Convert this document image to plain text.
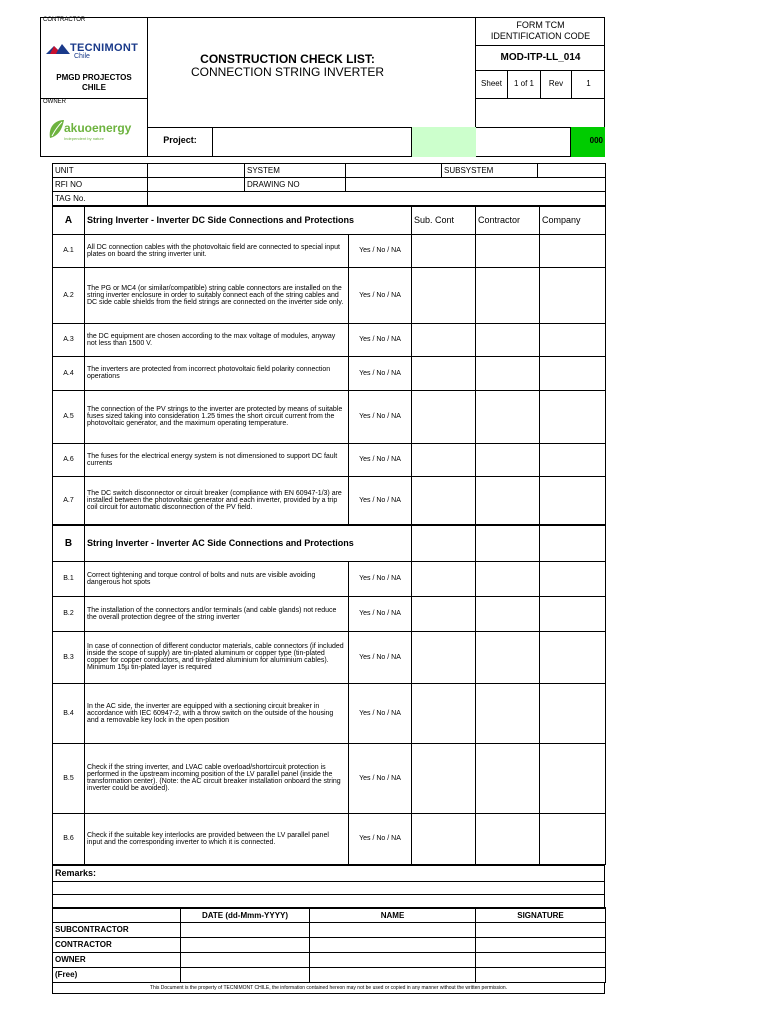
CONTRACTOR
TECNIMONT
Chile
PMGD PROJECTOS CHILE
OWNER
akuoenergy
Independent by nature
CONSTRUCTION CHECK LIST:
CONNECTION STRING INVERTER
FORM TCM IDENTIFICATION CODE
MOD-ITP-LL_014
Sheet	1 of 1	Rev	1
Project:	000
UNIT		SYSTEM		SUBSYSTEM	
RFI NO		DRAWING NO			
TAG No.					
A	String Inverter - Inverter DC Side Connections and Protections		Sub. Cont	Contractor	Company
A.1	All DC connection cables with the photovoltaic field are connected to special input plates on board the string inverter unit.	Yes / No / NA			
A.2	The PG or MC4 (or similar/compatible) string cable connectors are installed on the string inverter enclosure in order to suitably connect each of the string cables and DC side cable shields from the field strings are connected on the inverter side only.	Yes / No / NA			
A.3	the DC equipment are chosen according to the max voltage of modules, anyway not less than 1500 V.	Yes / No / NA			
A.4	The inverters are protected from incorrect photovoltaic field polarity connection operations	Yes / No / NA			
A.5	The connection of the PV strings to the inverter are protected by means of suitable fuses sized taking into consideration 1.25 times the short circuit current from the photovoltaic generator, and the maximum operating temperature.	Yes / No / NA			
A.6	The fuses for the electrical energy system is not dimensioned to support DC fault currents	Yes / No / NA			
A.7	The DC switch disconnector or circuit breaker (compliance with EN 60947-1/3) are installed between the photovoltaic generator and each inverter, provided by a trip coil circuit for automatic disconnection of the PV field.	Yes / No / NA			
B	String Inverter - Inverter AC Side Connections and Protections				
B.1	Correct tightening and torque control of bolts and nuts are visible avoiding dangerous hot spots	Yes / No / NA			
B.2	The installation of the connectors and/or terminals (and cable glands) not reduce the overall protection degree of the string inverter	Yes / No / NA			
B.3	In case of connection of different conductor materials, cable connectors (if included inside the scope of supply) are tin-plated aluminum or copper type (tin-plated copper for copper conductors, and tin-plated aluminium for aluminium cables). Minimum 15µ tin-plated layer is required	Yes / No / NA			
B.4	In the AC side, the inverter are equipped with a sectioning circuit breaker in accordance with IEC 60947-2, with a throw switch on the outside of the housing and a removable key lock in the open position	Yes / No / NA			
B.5	Check if the string inverter, and LVAC cable overload/shortcircuit protection is performed in the upstream incoming position of the LV parallel panel (inside the transformation center). (Note: the AC circuit breaker installation onboard the string inverter could be avoided).	Yes / No / NA			
B.6	Check if the suitable key interlocks are provided between the LV parallel panel input and the corresponding inverter to which it is connected.	Yes / No / NA			
Remarks:

	DATE (dd-Mmm-YYYY)	NAME	SIGNATURE
SUBCONTRACTOR			
CONTRACTOR			
OWNER			
(Free)			
This Document is the property of TECNIMONT CHILE, the information contained hereon may not be used or copied in any manner without the written permission.
